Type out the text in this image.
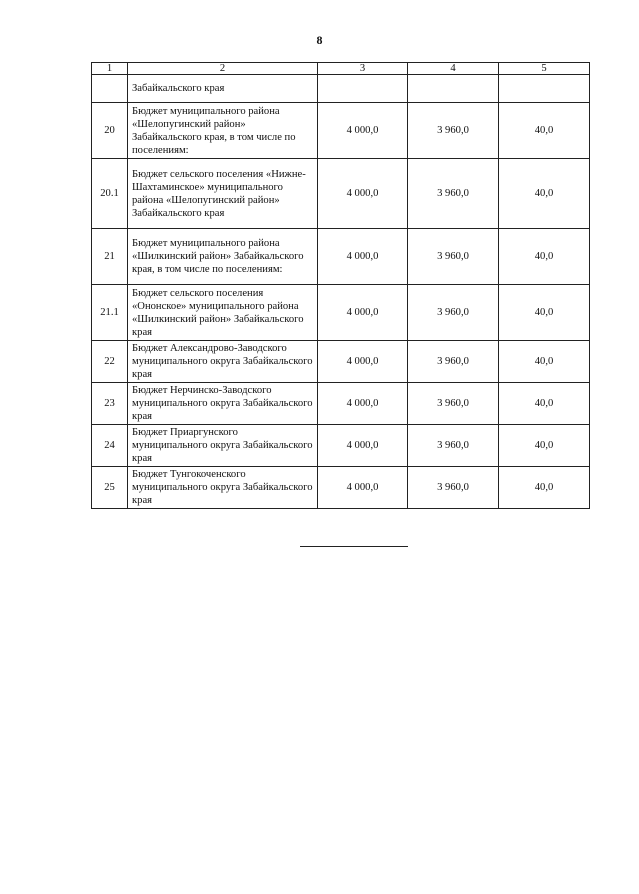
8
1	2	3	4	5
	Забайкальского края			
20	Бюджет муниципального района «Шелопугинский район» Забайкальского края, в том числе по поселениям:	4 000,0	3 960,0	40,0
20.1	Бюджет сельского поселения «Нижне-Шахтаминское» муниципального района «Шелопугинский район» Забайкальского края	4 000,0	3 960,0	40,0
21	Бюджет муниципального района «Шилкинский район» Забайкальского края, в том числе по поселениям:	4 000,0	3 960,0	40,0
21.1	Бюджет сельского поселения «Ононское» муниципального района «Шилкинский район» Забайкальского края	4 000,0	3 960,0	40,0
22	Бюджет Александрово-Заводского муниципального округа Забайкальского края	4 000,0	3 960,0	40,0
23	Бюджет Нерчинско-Заводского муниципального округа Забайкальского края	4 000,0	3 960,0	40,0
24	Бюджет Приаргунского муниципального округа Забайкальского края	4 000,0	3 960,0	40,0
25	Бюджет Тунгокоченского муниципального округа Забайкальского края	4 000,0	3 960,0	40,0
